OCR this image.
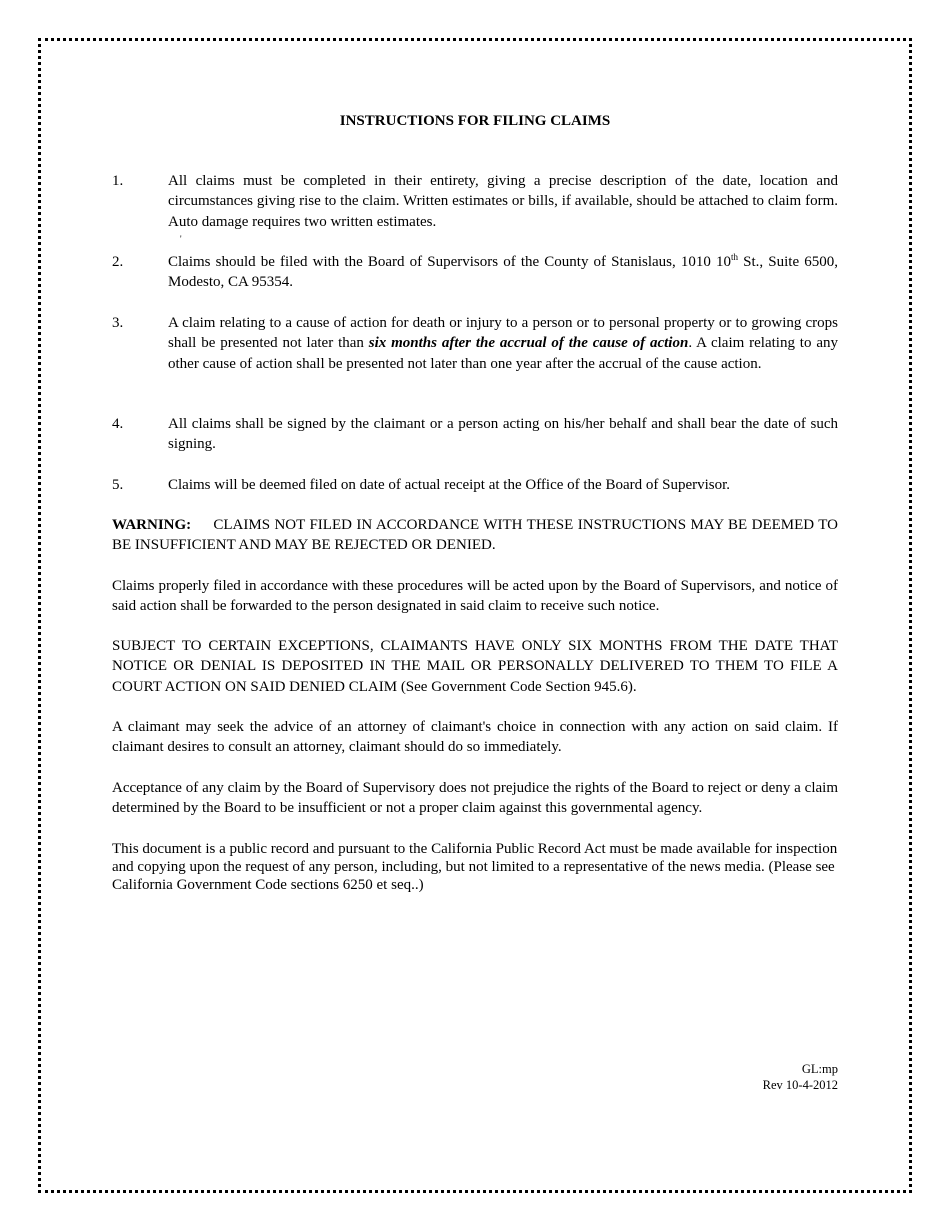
'
INSTRUCTIONS FOR FILING CLAIMS
1.	All claims must be completed in their entirety, giving a precise description of the date, location and circumstances giving rise to the claim. Written estimates or bills, if available, should be attached to claim form. Auto damage requires two written estimates.
2.	Claims should be filed with the Board of Supervisors of the County of Stanislaus, 1010 10th St., Suite 6500, Modesto, CA 95354.
3.	A claim relating to a cause of action for death or injury to a person or to personal property or to growing crops shall be presented not later than six months after the accrual of the cause of action. A claim relating to any other cause of action shall be presented not later than one year after the accrual of the cause action.
4.	All claims shall be signed by the claimant or a person acting on his/her behalf and shall bear the date of such signing.
5.	Claims will be deemed filed on date of actual receipt at the Office of the Board of Supervisor.
WARNING: CLAIMS NOT FILED IN ACCORDANCE WITH THESE INSTRUCTIONS MAY BE DEEMED TO BE INSUFFICIENT AND MAY BE REJECTED OR DENIED.
Claims properly filed in accordance with these procedures will be acted upon by the Board of Supervisors, and notice of said action shall be forwarded to the person designated in said claim to receive such notice.
SUBJECT TO CERTAIN EXCEPTIONS, CLAIMANTS HAVE ONLY SIX MONTHS FROM THE DATE THAT NOTICE OR DENIAL IS DEPOSITED IN THE MAIL OR PERSONALLY DELIVERED TO THEM TO FILE A COURT ACTION ON SAID DENIED CLAIM (See Government Code Section 945.6).
A claimant may seek the advice of an attorney of claimant's choice in connection with any action on said claim. If claimant desires to consult an attorney, claimant should do so immediately.
Acceptance of any claim by the Board of Supervisory does not prejudice the rights of the Board to reject or deny a claim determined by the Board to be insufficient or not a proper claim against this governmental agency.
This document is a public record and pursuant to the California Public Record Act must be made available for inspection and copying upon the request of any person, including, but not limited to a representative of the news media. (Please see California Government Code sections 6250 et seq..)
GL:mp
Rev 10-4-2012
